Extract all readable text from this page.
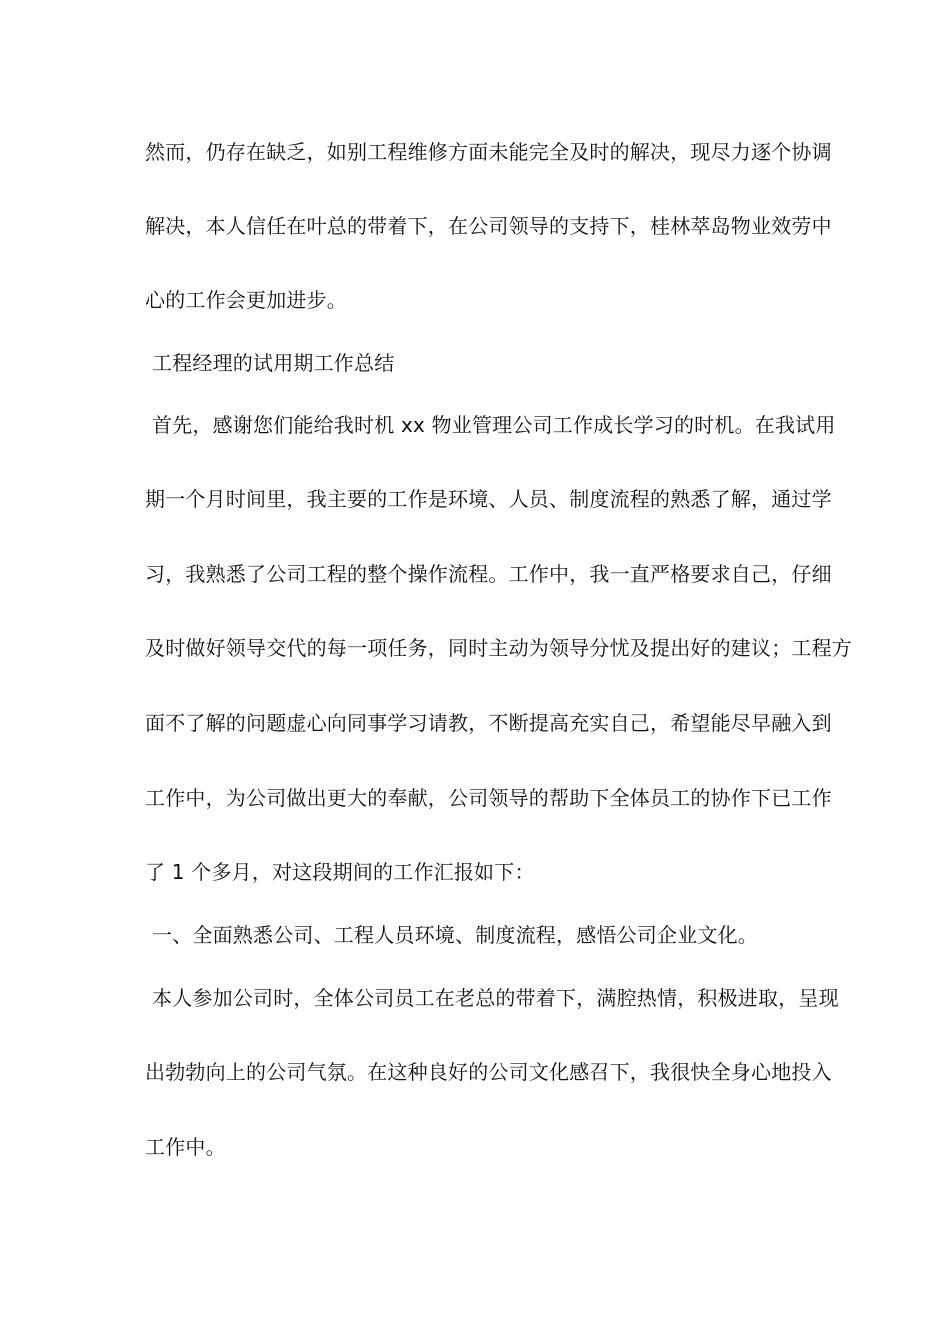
然而，仍存在缺乏，如别工程维修方面未能完全及时的解决，现尽力逐个协调
解决，本人信任在叶总的带着下，在公司领导的支持下，桂林萃岛物业效劳中
心的工作会更加进步。
工程经理的试用期工作总结
首先，感谢您们能给我时机 xx 物业管理公司工作成长学习的时机。在我试用
期一个月时间里，我主要的工作是环境、人员、制度流程的熟悉了解，通过学
习，我熟悉了公司工程的整个操作流程。工作中，我一直严格要求自己，仔细
及时做好领导交代的每一项任务，同时主动为领导分忧及提出好的建议；工程方
面不了解的问题虚心向同事学习请教，不断提高充实自己，希望能尽早融入到
工作中，为公司做出更大的奉献，公司领导的帮助下全体员工的协作下已工作
了 1 个多月，对这段期间的工作汇报如下：
一、全面熟悉公司、工程人员环境、制度流程，感悟公司企业文化。
本人参加公司时，全体公司员工在老总的带着下，满腔热情，积极进取，呈现
出勃勃向上的公司气氛。在这种良好的公司文化感召下，我很快全身心地投入
工作中。
